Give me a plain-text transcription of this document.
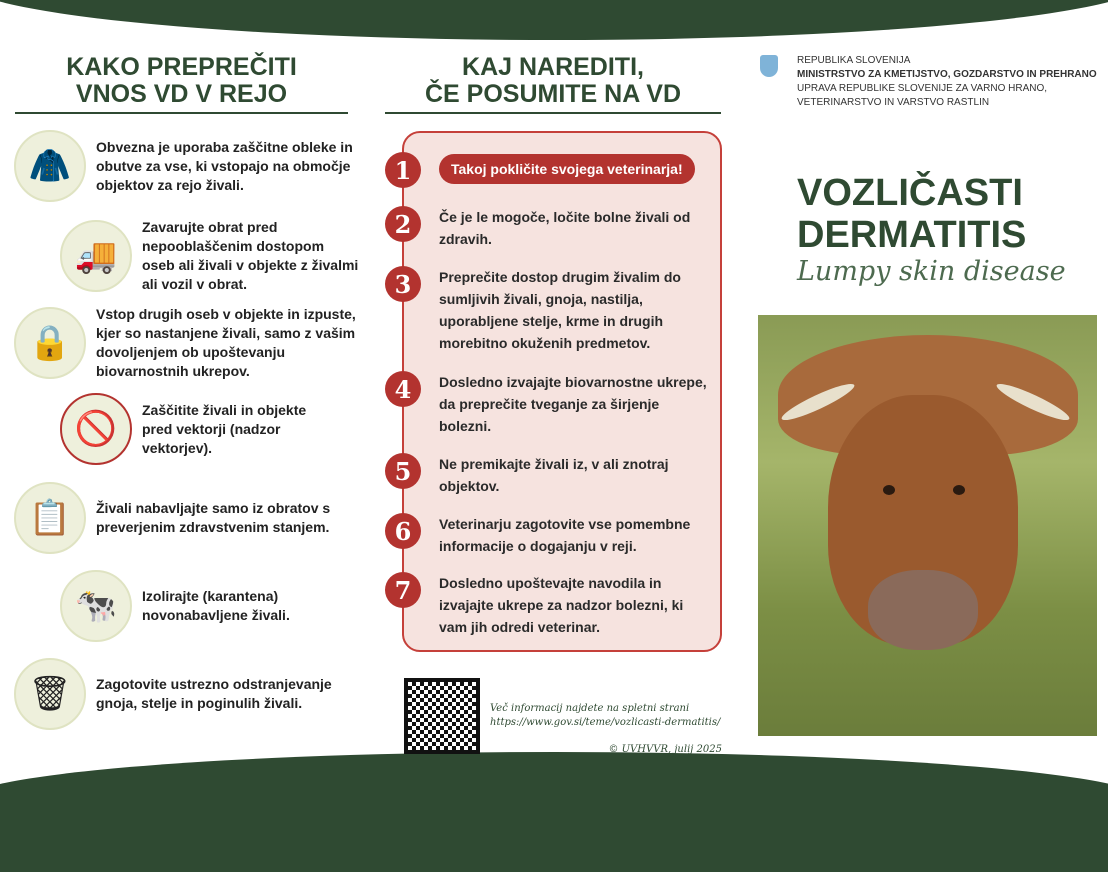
KAKO PREPREČITI
VNOS VD V REJO
🧥
Obvezna je uporaba zaščitne obleke in obutve za vse, ki vstopajo na območje objektov za rejo živali.
🚚
Zavarujte obrat pred nepooblaščenim dostopom oseb ali živali v objekte z živalmi ali vozil v obrat.
🔒
Vstop drugih oseb v objekte in izpuste, kjer so nastanjene živali, samo z vašim dovoljenjem ob upoštevanju biovarnostnih ukrepov.
🚫
Zaščitite živali in objekte pred vektorji (nadzor vektorjev).
📋	Živali nabavljajte samo iz obratov s preverjenim zdravstvenim stanjem.
🐄	Izolirajte (karantena) novonabavljene živali.
🗑	Zagotovite ustrezno odstranjevanje gnoja, stelje in poginulih živali.
KAJ NAREDITI,
ČE POSUMITE NA VD
1	Takoj pokličite svojega veterinarja!
2	Če je le mogoče, ločite bolne živali od zdravih.
3	Preprečite dostop drugim živalim do sumljivih živali, gnoja, nastilja, uporabljene stelje, krme in drugih morebitno okuženih predmetov.
4	Dosledno izvajajte biovarnostne ukrepe, da preprečite tveganje za širjenje bolezni.
5	Ne premikajte živali iz, v ali znotraj objektov.
6	Veterinarju zagotovite vse pomembne informacije o dogajanju v reji.
7	Dosledno upoštevajte navodila in izvajajte ukrepe za nadzor bolezni, ki vam jih odredi veterinar.
Več informacij najdete na spletni strani
https://www.gov.si/teme/vozlicasti-dermatitis/
© UVHVVR, julij 2025
REPUBLIKA SLOVENIJA
MINISTRSTVO ZA KMETIJSTVO, GOZDARSTVO IN PREHRANO
UPRAVA REPUBLIKE SLOVENIJE ZA VARNO HRANO,
VETERINARSTVO IN VARSTVO RASTLIN
VOZLIČASTI
DERMATITIS
Lumpy skin disease
